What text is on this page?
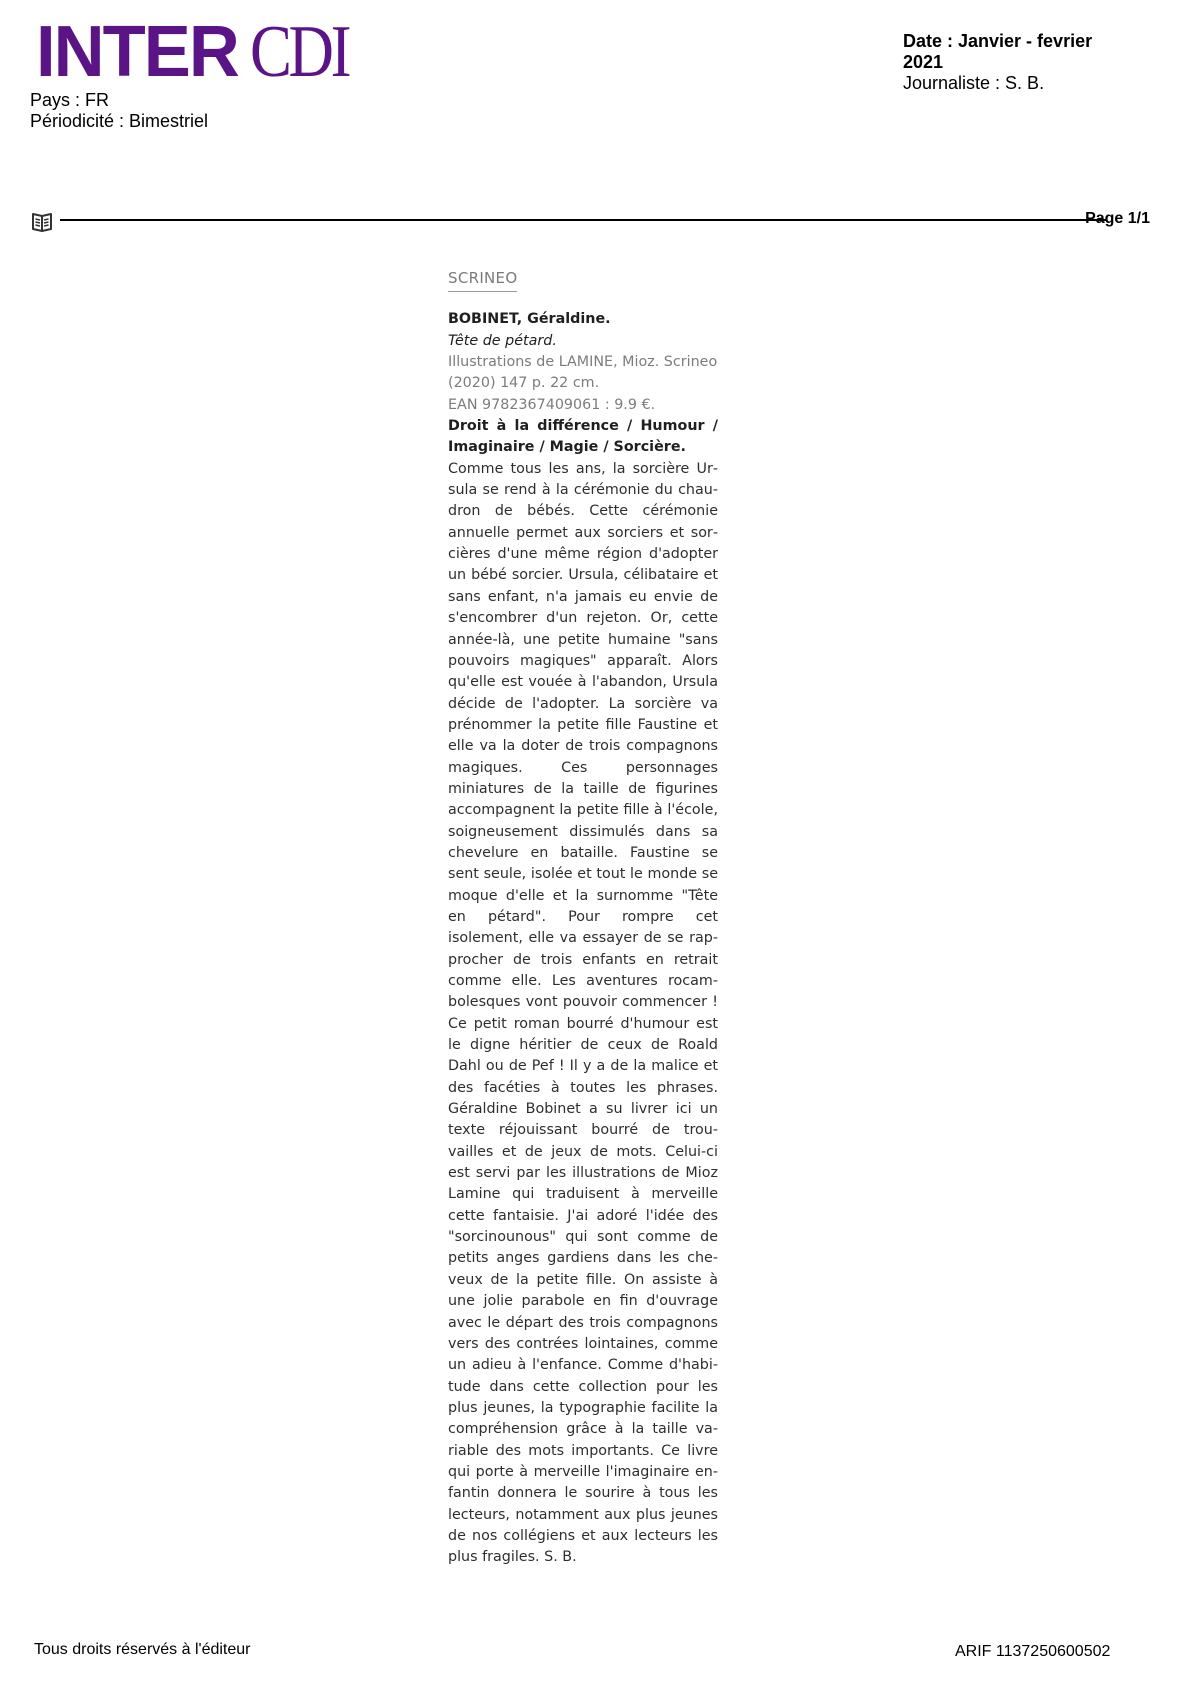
INTER CDI
Pays : FR
Périodicité : Bimestriel
Date : Janvier - fevrier
2021
Journaliste : S. B.
Page 1/1
SCRINEO
BOBINET, Géraldine.
Tête de pétard.
Illustrations de LAMINE, Mioz. Scrineo (2020) 147 p. 22 cm.
EAN 9782367409061 : 9.9 €.
Droit à la différence / Humour / Imaginaire / Magie / Sorcière.
Comme tous les ans, la sorcière Ursula se rend à la cérémonie du chaudron de bébés. Cette cérémonie annuelle permet aux sorciers et sorcières d'une même région d'adopter un bébé sorcier. Ursula, célibataire et sans enfant, n'a jamais eu envie de s'encombrer d'un rejeton. Or, cette année-là, une petite humaine "sans pouvoirs magiques" apparaît. Alors qu'elle est vouée à l'abandon, Ursula décide de l'adopter. La sorcière va prénommer la petite fille Faustine et elle va la doter de trois compagnons magiques. Ces personnages miniatures de la taille de figurines accompagnent la petite fille à l'école, soigneusement dissimulés dans sa chevelure en bataille. Faustine se sent seule, isolée et tout le monde se moque d'elle et la surnomme "Tête en pétard". Pour rompre cet isolement, elle va essayer de se rapprocher de trois enfants en retrait comme elle. Les aventures rocambolesques vont pouvoir commencer ! Ce petit roman bourré d'humour est le digne héritier de ceux de Roald Dahl ou de Pef ! Il y a de la malice et des facéties à toutes les phrases. Géraldine Bobinet a su livrer ici un texte réjouissant bourré de trouvailles et de jeux de mots. Celui-ci est servi par les illustrations de Mioz Lamine qui traduisent à merveille cette fantaisie. J'ai adoré l'idée des "sorcinounous" qui sont comme de petits anges gardiens dans les cheveux de la petite fille. On assiste à une jolie parabole en fin d'ouvrage avec le départ des trois compagnons vers des contrées lointaines, comme un adieu à l'enfance. Comme d'habitude dans cette collection pour les plus jeunes, la typographie facilite la compréhension grâce à la taille variable des mots importants. Ce livre qui porte à merveille l'imaginaire enfantin donnera le sourire à tous les lecteurs, notamment aux plus jeunes de nos collégiens et aux lecteurs les plus fragiles. S. B.
Tous droits réservés à l'éditeur	ARIF 1137250600502
